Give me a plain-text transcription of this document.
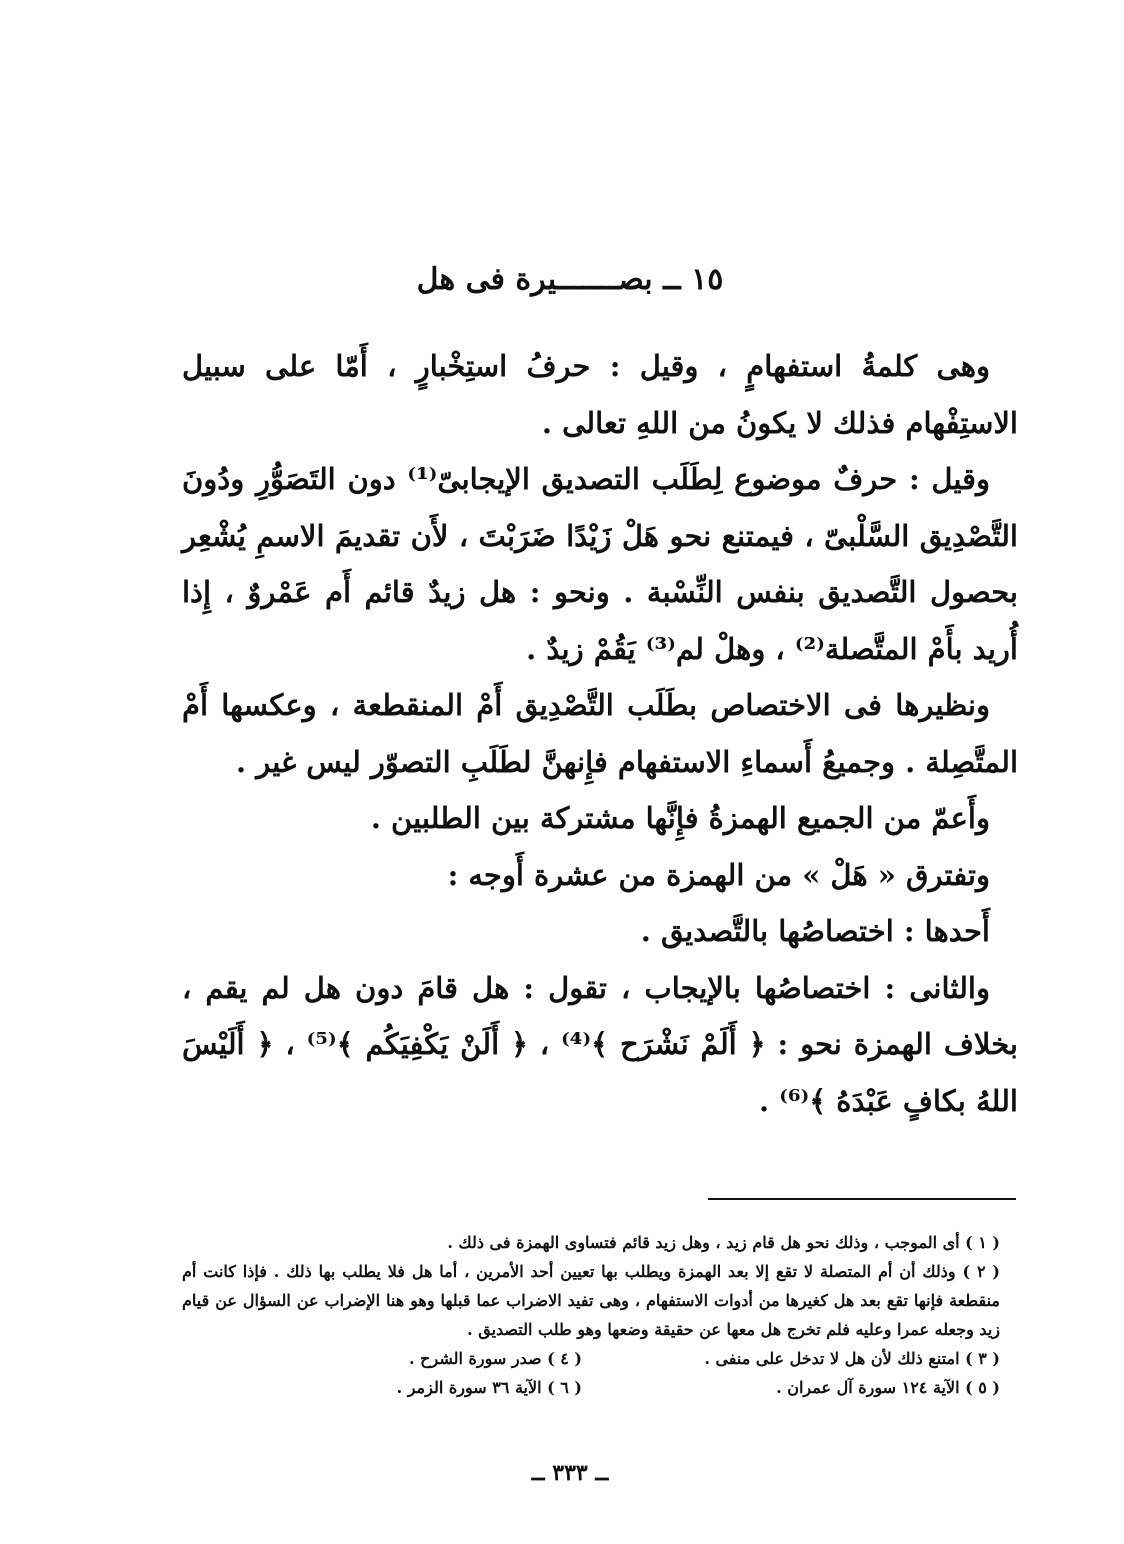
١٥ ــ بصـــــــيرة فى هل

وهى كلمةُ استفهامٍ ، وقيل : حرفُ استِخْبارٍ ، أَمّا على سبيل الاستِفْهام فذلك لا يكونُ من اللهِ تعالى .

وقيل : حرفٌ موضوع لِطَلَب التصديق الإيجابىّ⁽¹⁾ دون التَصَوُّرِ ودُونَ التَّصْدِيق السَّلْبىّ ، فيمتنع نحو هَلْ زَيْدًا ضَرَبْتَ ، لأَن تقديمَ الاسمِ يُشْعِر بحصول التَّصديق بنفس النِّسْبة . ونحو : هل زيدٌ قائم أَم عَمْروٌ ، إِذا أُريد بأَمْ المتَّصلة⁽²⁾ ، وهلْ لم⁽³⁾ يَقُمْ زيدٌ .

ونظيرها فى الاختصاص بطَلَب التَّصْدِيق أَمْ المنقطعة ، وعكسها أَمْ المتَّصِلة . وجميعُ أَسماءِ الاستفهام فإِنهنَّ لطَلَبِ التصوّر ليس غير .

وأَعمّ من الجميع الهمزةُ فإِنَّها مشتركة بين الطلبين .

وتفترق « هَلْ » من الهمزة من عشرة أَوجه :

أَحدها : اختصاصُها بالتَّصديق .

والثانى : اختصاصُها بالإيجاب ، تقول : هل قامَ دون هل لم يقم ، بخلاف الهمزة نحو : ﴿ أَلَمْ نَشْرَح ﴾⁽⁴⁾ ، ﴿ أَلَنْ يَكْفِيَكُم ﴾⁽⁵⁾ ، ﴿ أَلَيْسَ اللهُ بكافٍ عَبْدَهُ ﴾⁽⁶⁾ .

( ١ ) أى الموجب ، وذلك نحو هل قام زيد ، وهل زيد قائم فتساوى الهمزة فى ذلك .

( ٢ ) وذلك أن أم المتصلة لا تقع إلا بعد الهمزة ويطلب بها تعيين أحد الأمرين ، أما هل فلا يطلب بها ذلك . فإذا كانت أم منقطعة فإنها تقع بعد هل كغيرها من أدوات الاستفهام ، وهى تفيد الاضراب عما قبلها وهو هنا الإضراب عن السؤال عن قيام زيد وجعله عمرا وعليه فلم تخرج هل معها عن حقيقة وضعها وهو طلب التصديق .

( ٣ ) امتنع ذلك لأن هل لا تدخل على منفى .
( ٤ ) صدر سورة الشرح .
( ٥ ) الآية ١٢٤ سورة آل عمران .
( ٦ ) الآية ٣٦ سورة الزمر .
ــ ٣٣٣ ــ
